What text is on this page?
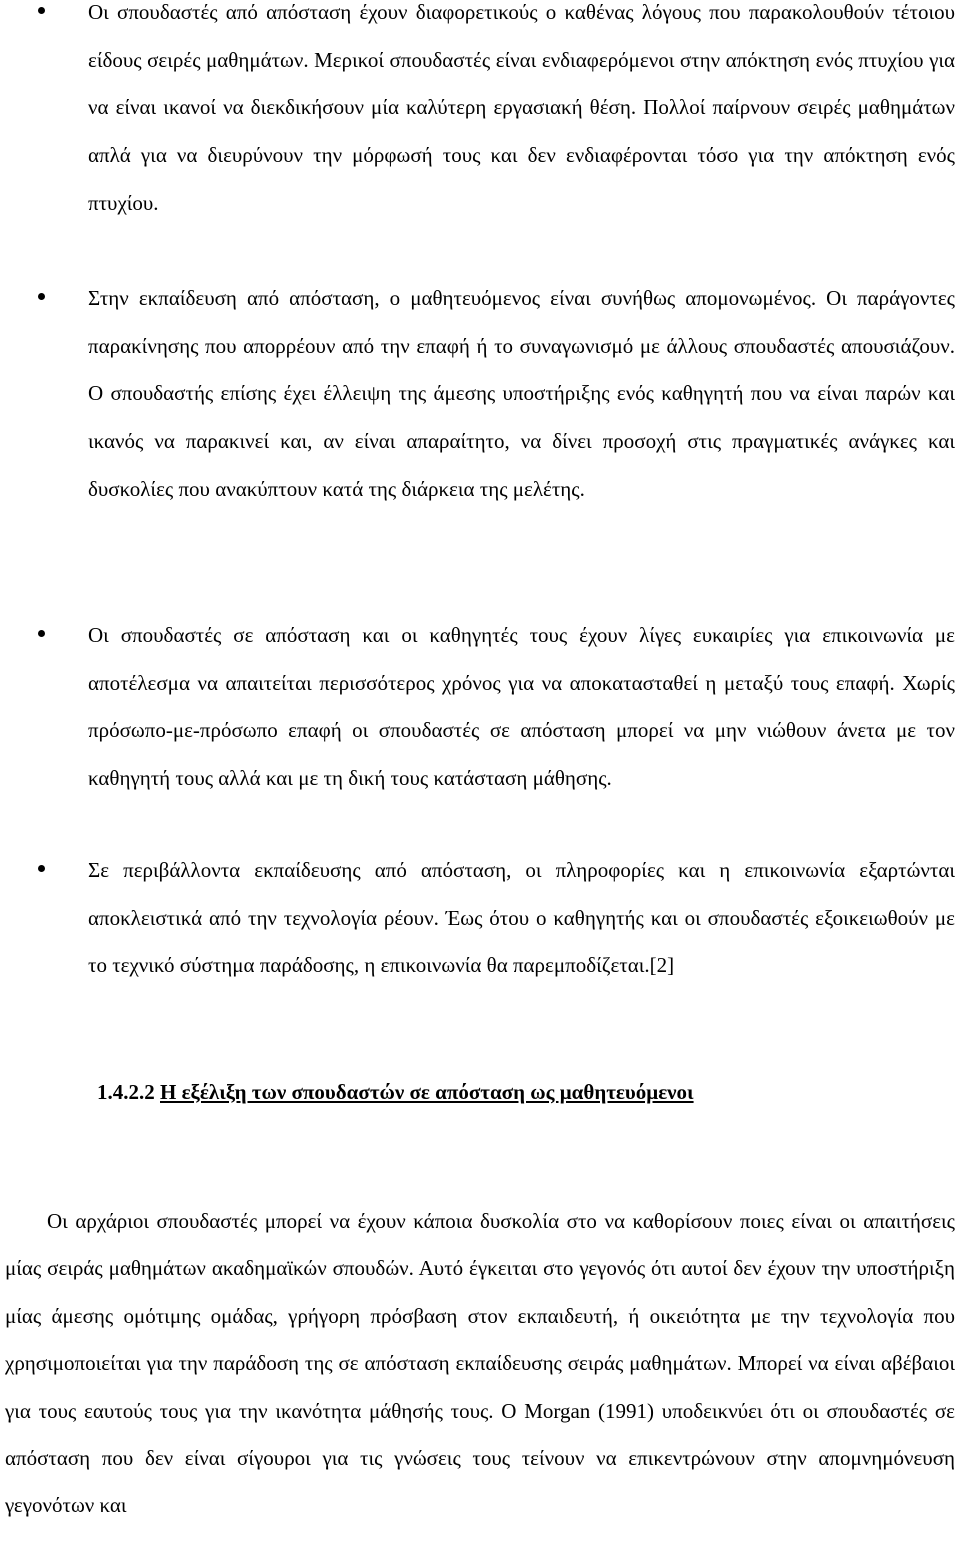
Οι σπουδαστές από απόσταση έχουν διαφορετικούς ο καθένας λόγους που παρακολουθούν τέτοιου είδους σειρές μαθημάτων. Μερικοί σπουδαστές είναι ενδιαφερόμενοι στην απόκτηση ενός πτυχίου για να είναι ικανοί να διεκδικήσουν μία καλύτερη εργασιακή θέση. Πολλοί παίρνουν σειρές μαθημάτων απλά για να διευρύνουν την μόρφωσή τους και δεν ενδιαφέρονται τόσο για την απόκτηση ενός πτυχίου.
Στην εκπαίδευση από απόσταση, ο μαθητευόμενος είναι συνήθως απομονωμένος. Οι παράγοντες παρακίνησης που απορρέουν από την επαφή ή το συναγωνισμό με άλλους σπουδαστές απουσιάζουν. Ο σπουδαστής επίσης έχει έλλειψη της άμεσης υποστήριξης ενός καθηγητή που να είναι παρών και ικανός να παρακινεί και, αν είναι απαραίτητο, να δίνει προσοχή στις πραγματικές ανάγκες και δυσκολίες που ανακύπτουν κατά της διάρκεια της μελέτης.
Οι σπουδαστές σε απόσταση και οι καθηγητές τους έχουν λίγες ευκαιρίες για επικοινωνία με αποτέλεσμα να απαιτείται περισσότερος χρόνος για να αποκατασταθεί η μεταξύ τους επαφή. Χωρίς πρόσωπο-με-πρόσωπο επαφή οι σπουδαστές σε απόσταση μπορεί να μην νιώθουν άνετα με τον καθηγητή τους αλλά και με τη δική τους κατάσταση μάθησης.
Σε περιβάλλοντα εκπαίδευσης από απόσταση, οι πληροφορίες και η επικοινωνία εξαρτώνται αποκλειστικά από την τεχνολογία ρέουν. Έως ότου ο καθηγητής και οι σπουδαστές εξοικειωθούν με το τεχνικό σύστημα παράδοσης, η επικοινωνία θα παρεμποδίζεται.[2]
1.4.2.2 Η εξέλιξη των σπουδαστών σε απόσταση ως μαθητευόμενοι

Οι αρχάριοι σπουδαστές μπορεί να έχουν κάποια δυσκολία στο να καθορίσουν ποιες είναι οι απαιτήσεις μίας σειράς μαθημάτων ακαδημαϊκών σπουδών. Αυτό έγκειται στο γεγονός ότι αυτοί δεν έχουν την υποστήριξη μίας άμεσης ομότιμης ομάδας, γρήγορη πρόσβαση στον εκπαιδευτή, ή οικειότητα με την τεχνολογία που χρησιμοποιείται για την παράδοση της σε απόσταση εκπαίδευσης σειράς μαθημάτων. Μπορεί να είναι αβέβαιοι για τους εαυτούς τους για την ικανότητα μάθησής τους. Ο Morgan (1991) υποδεικνύει ότι οι σπουδαστές σε απόσταση που δεν είναι σίγουροι για τις γνώσεις τους τείνουν να επικεντρώνουν στην απομνημόνευση γεγονότων και
